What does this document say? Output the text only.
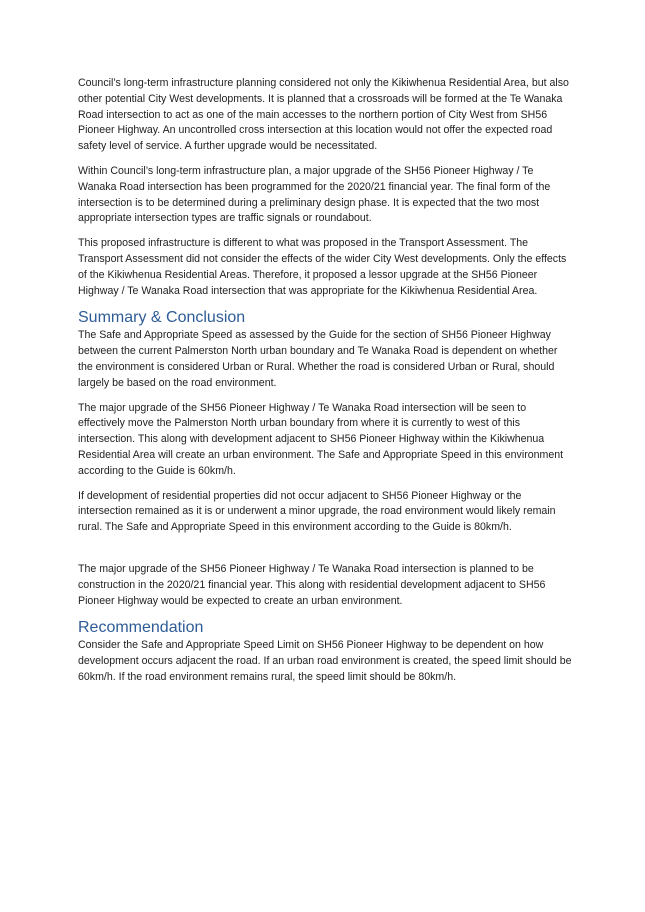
Council’s long-term infrastructure planning considered not only the Kikiwhenua Residential Area, but also other potential City West developments. It is planned that a crossroads will be formed at the Te Wanaka Road intersection to act as one of the main accesses to the northern portion of City West from SH56 Pioneer Highway. An uncontrolled cross intersection at this location would not offer the expected road safety level of service. A further upgrade would be necessitated.

Within Council’s long-term infrastructure plan, a major upgrade of the SH56 Pioneer Highway / Te Wanaka Road intersection has been programmed for the 2020/21 financial year. The final form of the intersection is to be determined during a preliminary design phase. It is expected that the two most appropriate intersection types are traffic signals or roundabout.

This proposed infrastructure is different to what was proposed in the Transport Assessment. The Transport Assessment did not consider the effects of the wider City West developments. Only the effects of the Kikiwhenua Residential Areas. Therefore, it proposed a lessor upgrade at the SH56 Pioneer Highway / Te Wanaka Road intersection that was appropriate for the Kikiwhenua Residential Area.

Summary & Conclusion

The Safe and Appropriate Speed as assessed by the Guide for the section of SH56 Pioneer Highway between the current Palmerston North urban boundary and Te Wanaka Road is dependent on whether the environment is considered Urban or Rural. Whether the road is considered Urban or Rural, should largely be based on the road environment.

The major upgrade of the SH56 Pioneer Highway / Te Wanaka Road intersection will be seen to effectively move the Palmerston North urban boundary from where it is currently to west of this intersection. This along with development adjacent to SH56 Pioneer Highway within the Kikiwhenua Residential Area will create an urban environment. The Safe and Appropriate Speed in this environment according to the Guide is 60km/h.

If development of residential properties did not occur adjacent to SH56 Pioneer Highway or the intersection remained as it is or underwent a minor upgrade, the road environment would likely remain rural. The Safe and Appropriate Speed in this environment according to the Guide is 80km/h.

The major upgrade of the SH56 Pioneer Highway / Te Wanaka Road intersection is planned to be construction in the 2020/21 financial year. This along with residential development adjacent to SH56 Pioneer Highway would be expected to create an urban environment.

Recommendation

Consider the Safe and Appropriate Speed Limit on SH56 Pioneer Highway to be dependent on how development occurs adjacent the road. If an urban road environment is created, the speed limit should be 60km/h. If the road environment remains rural, the speed limit should be 80km/h.
